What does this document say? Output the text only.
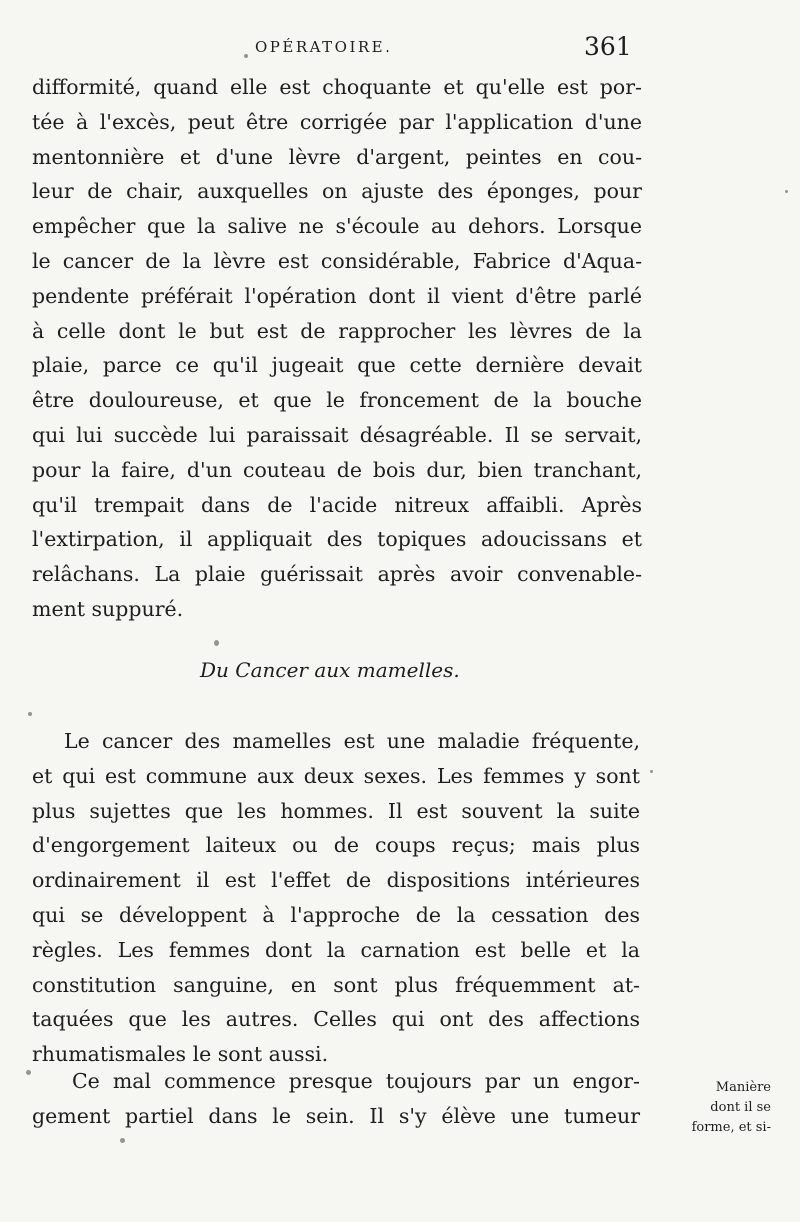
OPÉRATOIRE.	361

difformité, quand elle est choquante et qu'elle est por-
tée à l'excès, peut être corrigée par l'application d'une
mentonnière et d'une lèvre d'argent, peintes en cou-
leur de chair, auxquelles on ajuste des éponges, pour
empêcher que la salive ne s'écoule au dehors. Lorsque
le cancer de la lèvre est considérable, Fabrice d'Aqua-
pendente préférait l'opération dont il vient d'être parlé
à celle dont le but est de rapprocher les lèvres de la
plaie, parce ce qu'il jugeait que cette dernière devait
être douloureuse, et que le froncement de la bouche
qui lui succède lui paraissait désagréable. Il se servait,
pour la faire, d'un couteau de bois dur, bien tranchant,
qu'il trempait dans de l'acide nitreux affaibli. Après
l'extirpation, il appliquait des topiques adoucissans et
relâchans. La plaie guérissait après avoir convenable-
ment suppuré.

Du Cancer aux mamelles.

Le cancer des mamelles est une maladie fréquente,
et qui est commune aux deux sexes. Les femmes y sont
plus sujettes que les hommes. Il est souvent la suite
d'engorgement laiteux ou de coups reçus; mais plus
ordinairement il est l'effet de dispositions intérieures
qui se développent à l'approche de la cessation des
règles. Les femmes dont la carnation est belle et la
constitution sanguine, en sont plus fréquemment at-
taquées que les autres. Celles qui ont des affections
rhumatismales le sont aussi.

Ce mal commence presque toujours par un engor-
gement partiel dans le sein. Il s'y élève une tumeur

Manière
dont il se
forme, et si-
